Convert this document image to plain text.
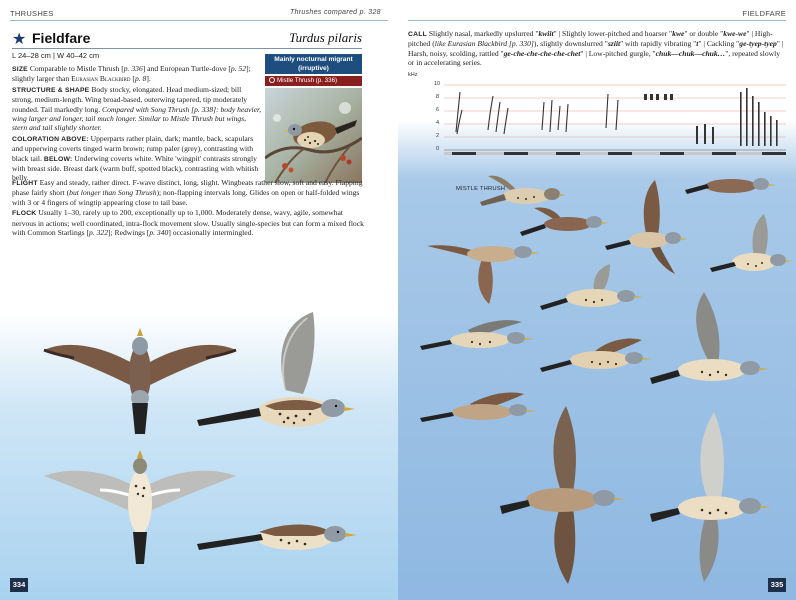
THRUSHES	Thrushes compared p. 328
★ Fieldfare	Turdus pilaris
L 24–28 cm | W 40–42 cm	Mainly nocturnal migrant
(irruptive)
Mistle Thrush (p. 336)

SIZE Comparable to Mistle Thrush [p. 336] and European Turtle-dove [p. 52]; slightly larger than Eurasian Blackbird [p. 8].

STRUCTURE & SHAPE Body stocky, elongated. Head medium-sized; bill strong, medium-length. Wing broad-based, outerwing tapered, tip moderately rounded. Tail markedly long. Compared with Song Thrush [p. 338]: body heavier, wing larger and longer, tail much longer. Similar to Mistle Thrush but wings, stern and tail slightly shorter.

COLORATION ABOVE: Upperparts rather plain, dark; mantle, back, scapulars and upperwing coverts tinged warm brown; rump paler (grey), contrasting with black tail. BELOW: Underwing coverts white. White 'wingpit' contrasts strongly with breast side. Breast dark (warm buff, spotted black), contrasting with whitish belly.

FLIGHT Easy and steady, rather direct. F-wave distinct, long, slight. Wingbeats rather slow, soft and easy. Flapping phase fairly short (but longer than Song Thrush); non-flapping intervals long. Glides on open or half-folded wings with 3 or 4 fingers of wingtip appearing close to tail base.

FLOCK Usually 1–30, rarely up to 200, exceptionally up to 1,000. Moderately dense, wavy, agile, somewhat nervous in actions; well coordinated, intra-flock movement slow. Usually single-species but can form a mixed flock with Common Starlings [p. 322]; Redwings [p. 340] occasionally intermingled.

334
FIELDFARE
CALL Slightly nasal, markedly upslurred "kwiit" | Slightly lower-pitched and hoarser "kwe" or double "kwe-we" | High-pitched (like Eurasian Blackbird [p. 330]), slightly downslurred "sziit" with rapidly vibrating "t" | Cackling "ge-tyep-tyep" | Harsh, noisy, scolding, rattled "ge-che-che-che-che-chet" | Low-pitched gurgle, "chuk—chuk—chuk…", repeated slowly or in accelerating series.
kHz
10
8
6
4
2
0
MISTLE THRUSH
335
